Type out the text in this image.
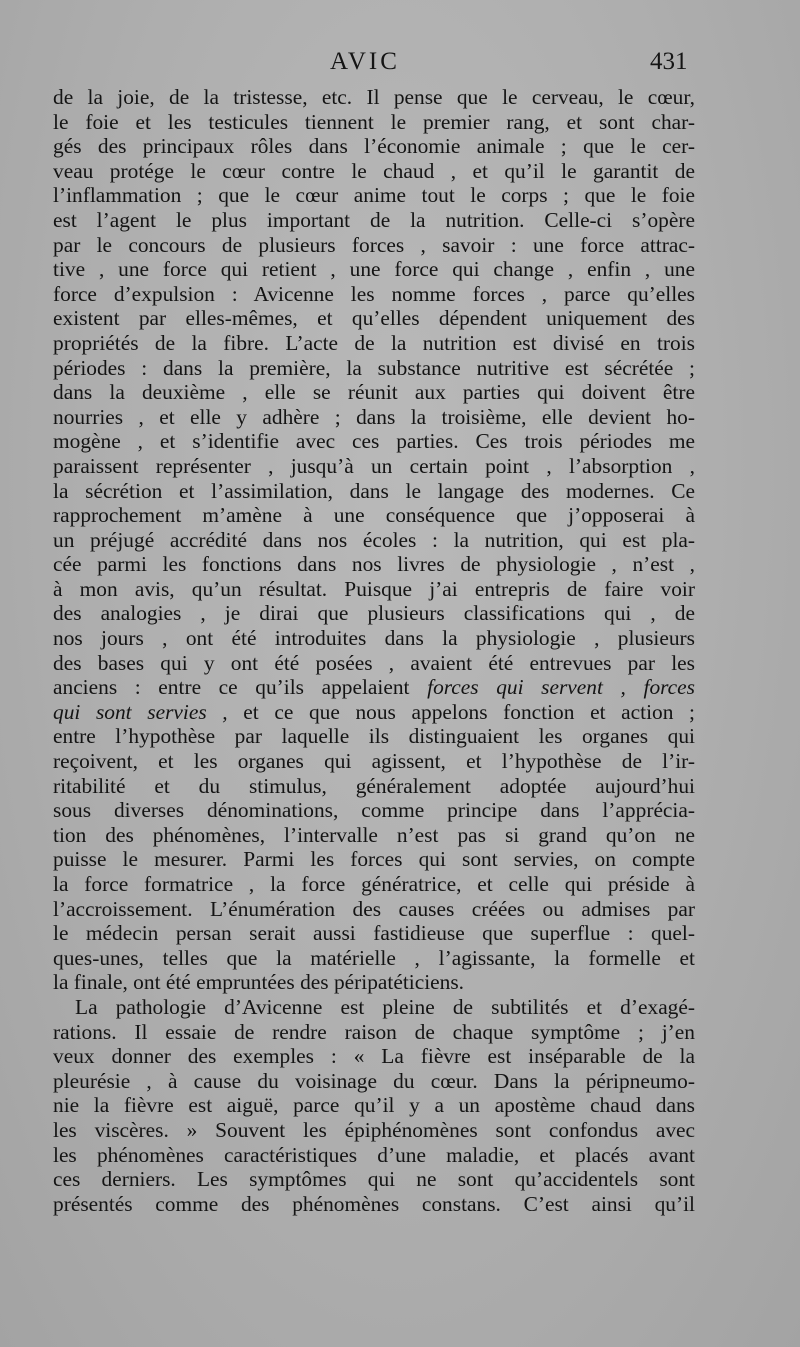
AVIC	431
de la joie, de la tristesse, etc. Il pense que le cerveau, le cœur,
le foie et les testicules tiennent le premier rang, et sont char-
gés des principaux rôles dans l’économie animale ; que le cer-
veau protége le cœur contre le chaud , et qu’il le garantit de
l’inflammation ; que le cœur anime tout le corps ; que le foie
est l’agent le plus important de la nutrition. Celle-ci s’opère
par le concours de plusieurs forces , savoir : une force attrac-
tive , une force qui retient , une force qui change , enfin , une
force d’expulsion : Avicenne les nomme forces , parce qu’elles
existent par elles-mêmes, et qu’elles dépendent uniquement des
propriétés de la fibre. L’acte de la nutrition est divisé en trois
périodes : dans la première, la substance nutritive est sécrétée ;
dans la deuxième , elle se réunit aux parties qui doivent être
nourries , et elle y adhère ; dans la troisième, elle devient ho-
mogène , et s’identifie avec ces parties. Ces trois périodes me
paraissent représenter , jusqu’à un certain point , l’absorption ,
la sécrétion et l’assimilation, dans le langage des modernes. Ce
rapprochement m’amène à une conséquence que j’opposerai à
un préjugé accrédité dans nos écoles : la nutrition, qui est pla-
cée parmi les fonctions dans nos livres de physiologie , n’est ,
à mon avis, qu’un résultat. Puisque j’ai entrepris de faire voir
des analogies , je dirai que plusieurs classifications qui , de
nos jours , ont été introduites dans la physiologie , plusieurs
des bases qui y ont été posées , avaient été entrevues par les
anciens : entre ce qu’ils appelaient forces qui servent , forces
qui sont servies , et ce que nous appelons fonction et action ;
entre l’hypothèse par laquelle ils distinguaient les organes qui
reçoivent, et les organes qui agissent, et l’hypothèse de l’ir-
ritabilité et du stimulus, généralement adoptée aujourd’hui
sous diverses dénominations, comme principe dans l’apprécia-
tion des phénomènes, l’intervalle n’est pas si grand qu’on ne
puisse le mesurer. Parmi les forces qui sont servies, on compte
la force formatrice , la force génératrice, et celle qui préside à
l’accroissement. L’énumération des causes créées ou admises par
le médecin persan serait aussi fastidieuse que superflue : quel-
ques-unes, telles que la matérielle , l’agissante, la formelle et
la finale, ont été empruntées des péripatéticiens.
La pathologie d’Avicenne est pleine de subtilités et d’exagé-
rations. Il essaie de rendre raison de chaque symptôme ; j’en
veux donner des exemples : « La fièvre est inséparable de la
pleurésie , à cause du voisinage du cœur. Dans la péripneumo-
nie la fièvre est aiguë, parce qu’il y a un apostème chaud dans
les viscères. » Souvent les épiphénomènes sont confondus avec
les phénomènes caractéristiques d’une maladie, et placés avant
ces derniers. Les symptômes qui ne sont qu’accidentels sont
présentés comme des phénomènes constans. C’est ainsi qu’il
